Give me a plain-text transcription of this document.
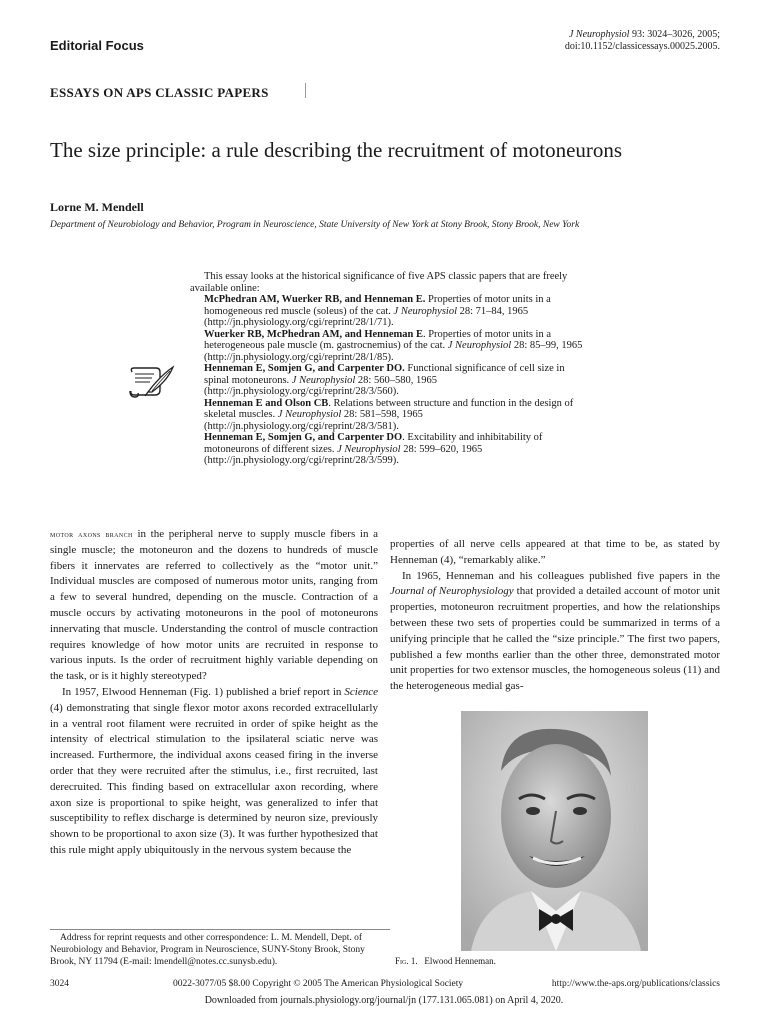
Editorial Focus
J Neurophysiol 93: 3024–3026, 2005;
doi:10.1152/classicessays.00025.2005.
ESSAYS ON APS CLASSIC PAPERS
The size principle: a rule describing the recruitment of motoneurons
Lorne M. Mendell
Department of Neurobiology and Behavior, Program in Neuroscience, State University of New York at Stony Brook, Stony Brook, New York

This essay looks at the historical significance of five APS classic papers that are freely available online:

McPhedran AM, Wuerker RB, and Henneman E. Properties of motor units in a homogeneous red muscle (soleus) of the cat. J Neurophysiol 28: 71–84, 1965 (http://jn.physiology.org/cgi/reprint/28/1/71).

Wuerker RB, McPhedran AM, and Henneman E. Properties of motor units in a heterogeneous pale muscle (m. gastrocnemius) of the cat. J Neurophysiol 28: 85–99, 1965 (http://jn.physiology.org/cgi/reprint/28/1/85).

Henneman E, Somjen G, and Carpenter DO. Functional significance of cell size in spinal motoneurons. J Neurophysiol 28: 560–580, 1965 (http://jn.physiology.org/cgi/reprint/28/3/560).

Henneman E and Olson CB. Relations between structure and function in the design of skeletal muscles. J Neurophysiol 28: 581–598, 1965 (http://jn.physiology.org/cgi/reprint/28/3/581).

Henneman E, Somjen G, and Carpenter DO. Excitability and inhibitability of motoneurons of different sizes. J Neurophysiol 28: 599–620, 1965 (http://jn.physiology.org/cgi/reprint/28/3/599).

motor axons branch in the peripheral nerve to supply muscle fibers in a single muscle; the motoneuron and the dozens to hundreds of muscle fibers it innervates are referred to collectively as the “motor unit.” Individual muscles are composed of numerous motor units, ranging from a few to several hundred, depending on the muscle. Contraction of a muscle occurs by activating motoneurons in the pool of motoneurons innervating that muscle. Understanding the control of muscle contraction requires knowledge of how motor units are recruited in response to various inputs. Is the order of recruitment highly variable depending on the task, or is it highly stereotyped?

In 1957, Elwood Henneman (Fig. 1) published a brief report in Science (4) demonstrating that single flexor motor axons recorded extracellularly in a ventral root filament were recruited in order of spike height as the intensity of electrical stimulation to the ipsilateral sciatic nerve was increased. Furthermore, the individual axons ceased firing in the inverse order that they were recruited after the stimulus, i.e., first recruited, last derecruited. This finding based on extracellular axon recording, where axon size is proportional to spike height, was generalized to infer that susceptibility to reflex discharge is determined by neuron size, previously shown to be proportional to axon size (3). It was further hypothesized that this rule might apply ubiquitously in the nervous system because the

properties of all nerve cells appeared at that time to be, as stated by Henneman (4), “remarkably alike.”

In 1965, Henneman and his colleagues published five papers in the Journal of Neurophysiology that provided a detailed account of motor unit properties, motoneuron recruitment properties, and how the relationships between these two sets of properties could be summarized in terms of a unifying principle that he called the “size principle.” The first two papers, published a few months earlier than the other three, demonstrated motor unit properties for two extensor muscles, the homogeneous soleus (11) and the heterogeneous medial gas-

Fig. 1. Elwood Henneman.
Address for reprint requests and other correspondence: L. M. Mendell, Dept. of Neurobiology and Behavior, Program in Neuroscience, SUNY-Stony Brook, Stony Brook, NY 11794 (E-mail: lmendell@notes.cc.sunysb.edu).
3024	0022-3077/05 $8.00 Copyright © 2005 The American Physiological Society	http://www.the-aps.org/publications/classics
Downloaded from journals.physiology.org/journal/jn (177.131.065.081) on April 4, 2020.
